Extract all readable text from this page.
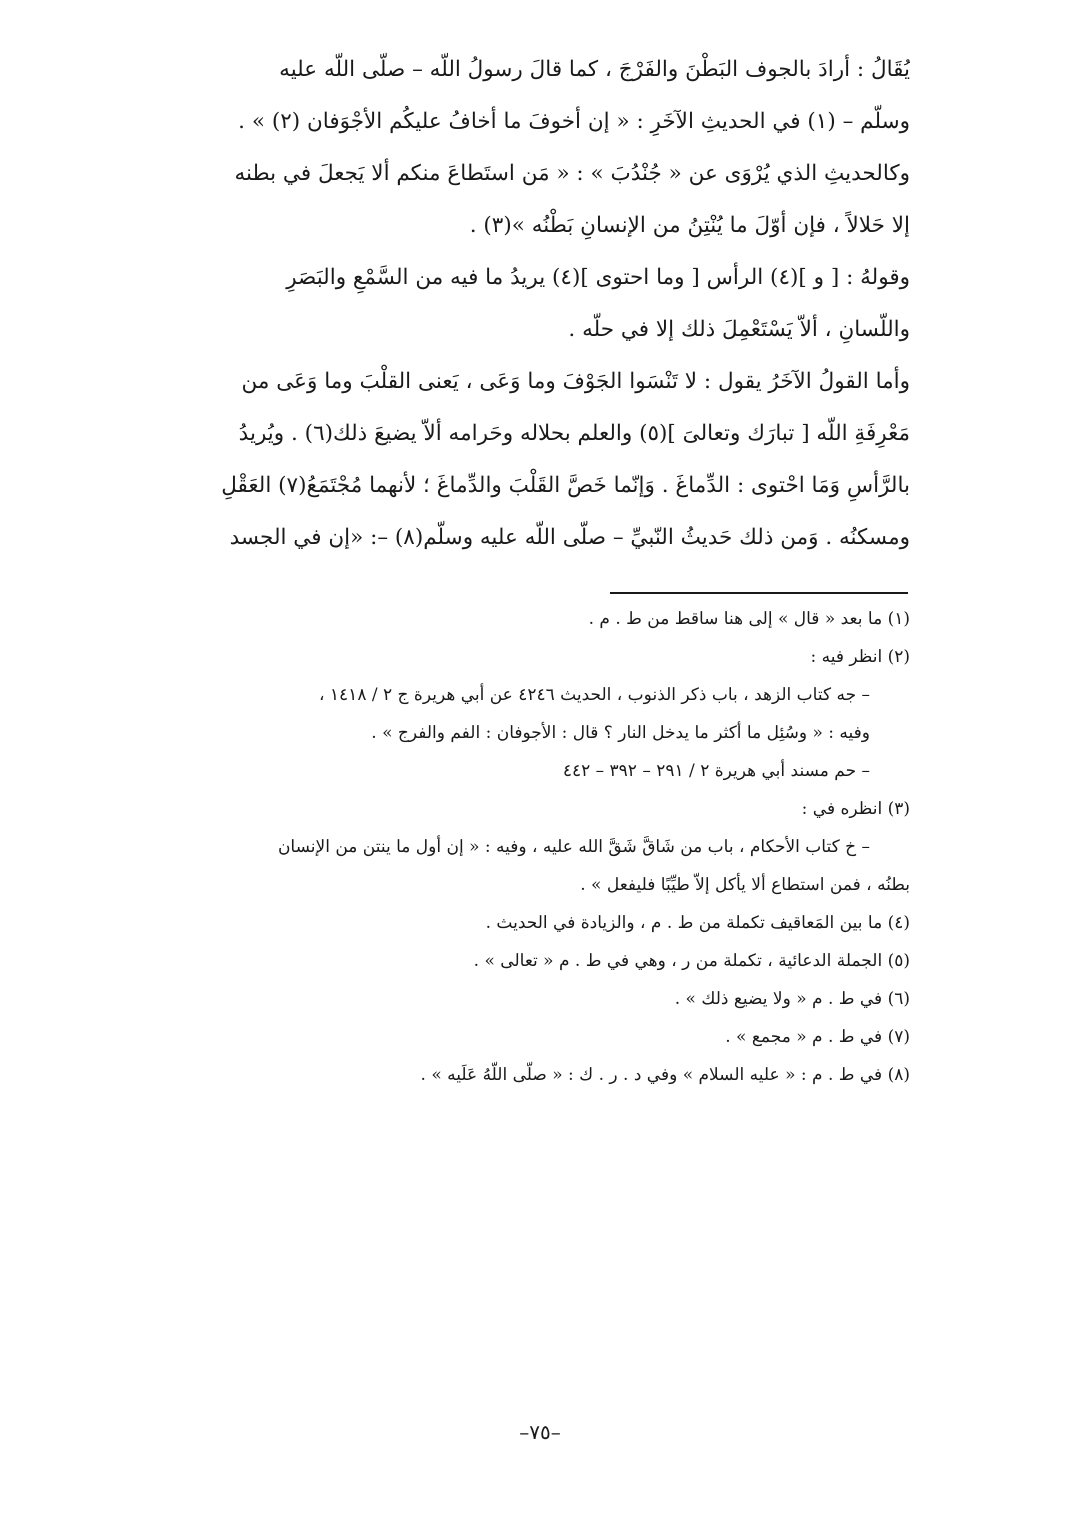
يُقَالُ : أرادَ بالجوف البَطْنَ والفَرْجَ ، كما قالَ رسولُ اللّه – صلّى اللّه عليه
وسلّم – (١) في الحديثِ الآخَرِ : « إن أخوفَ ما أخافُ عليكُم الأجْوَفان (٢) » .
وكالحديثِ الذي يُرْوَى عن « جُنْدُبَ » : « مَن استَطاعَ منكم ألا يَجعلَ في بطنه
إلا حَلالاً ، فإن أوّلَ ما يُنْتِنُ من الإنسانِ بَطْنُه »(٣) .
وقولهُ : [ و ](٤) الرأس [ وما احتوى ](٤) يريدُ ما فيه من السَّمْعِ والبَصَرِ
واللّسانِ ، ألاّ يَسْتَعْمِلَ ذلك إلا في حلّه .
وأما القولُ الآخَرُ يقول : لا تَنْسَوا الجَوْفَ وما وَعَى ، يَعنى القلْبَ وما وَعَى من
مَعْرِفَةِ اللّه [ تبارَك وتعالىَ ](٥) والعلم بحلاله وحَرامه ألاّ يضيعَ ذلك(٦) . ويُريدُ
بالرَّأسِ وَمَا احْتوى : الدِّماغَ . وَإنّما خَصَّ القَلْبَ والدِّماغَ ؛ لأنهما مُجْتَمَعُ(٧) العَقْلِ
ومسكنُه . وَمن ذلك حَديثُ النّبيِّ – صلّى اللّه عليه وسلّم(٨) –: «إن في الجسد
(١) ما بعد « قال » إلى هنا ساقط من ط . م .
(٢) انظر فيه :
– جه كتاب الزهد ، باب ذكر الذنوب ، الحديث ٤٢٤٦ عن أبي هريرة ج ٢ / ١٤١٨ ،
وفيه : « وسُئِل ما أكثر ما يدخل النار ؟ قال : الأجوفان : الفم والفرج » .
– حم مسند أبي هريرة ٢ / ٢٩١ – ٣٩٢ – ٤٤٢
(٣) انظره في :
– خ كتاب الأحكام ، باب من شَاقَّ شَقَّ الله عليه ، وفيه : « إن أول ما ينتن من الإنسان
بطنُه ، فمن استطاع ألا يأكل إلاّ طيِّبًا فليفعل » .
(٤) ما بين المَعاقيف تكملة من ط . م ، والزيادة في الحديث .
(٥) الجملة الدعائية ، تكملة من ر ، وهي في ط . م « تعالى » .
(٦) في ط . م « ولا يضيع ذلك » .
(٧) في ط . م « مجمع » .
(٨) في ط . م : « عليه السلام » وفي د . ر . ك : « صلّى اللّهُ عَلَيه » .
–٧٥–
